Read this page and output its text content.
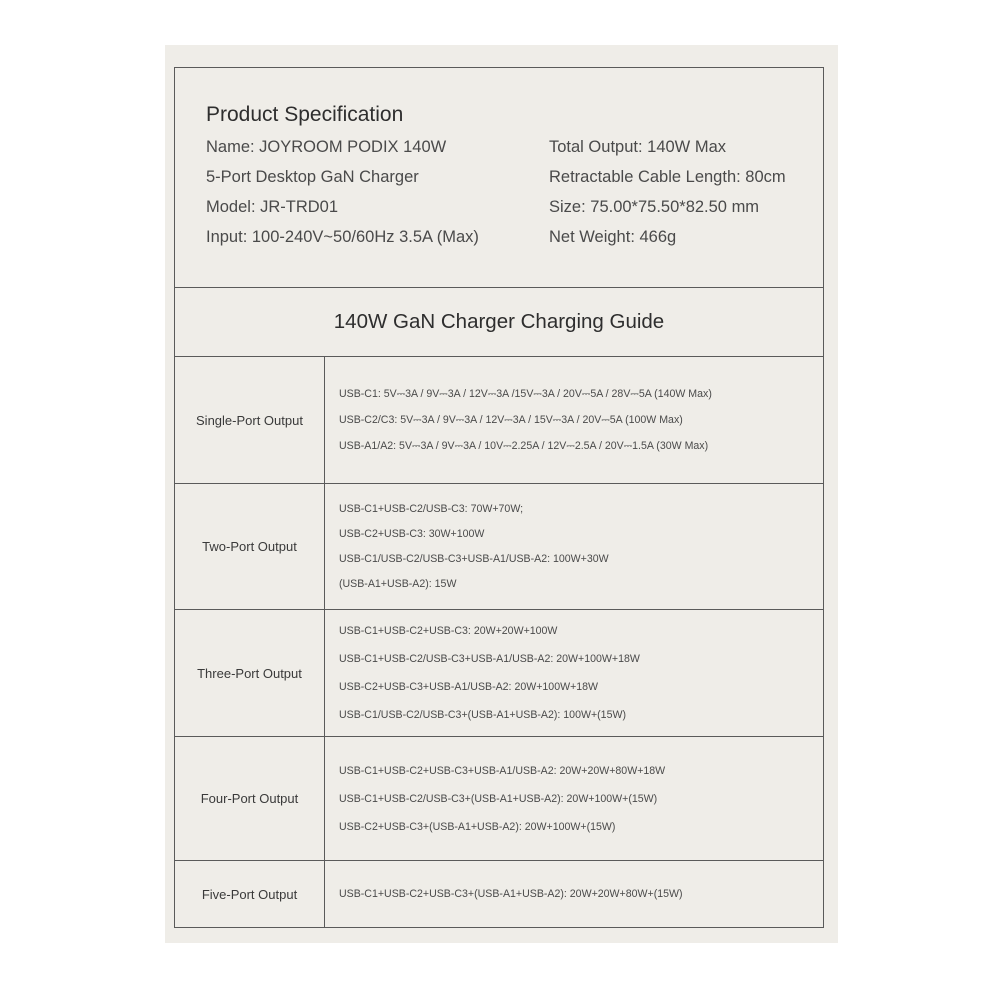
Product Specification
Name: JOYROOM PODIX 140W
5-Port Desktop GaN Charger
Model: JR-TRD01
Input: 100-240V~50/60Hz 3.5A (Max)
Total Output: 140W Max
Retractable Cable Length: 80cm
Size: 75.00*75.50*82.50 mm
Net Weight: 466g
140W GaN Charger Charging Guide
Single-Port Output
USB-C1: 5V⎓3A / 9V⎓3A / 12V⎓3A /15V⎓3A / 20V⎓5A / 28V⎓5A (140W Max)
USB-C2/C3: 5V⎓3A / 9V⎓3A / 12V⎓3A / 15V⎓3A / 20V⎓5A (100W Max)
USB-A1/A2: 5V⎓3A / 9V⎓3A / 10V⎓2.25A / 12V⎓2.5A / 20V⎓1.5A (30W Max)
Two-Port Output
USB-C1+USB-C2/USB-C3: 70W+70W;
USB-C2+USB-C3: 30W+100W
USB-C1/USB-C2/USB-C3+USB-A1/USB-A2: 100W+30W
(USB-A1+USB-A2): 15W
Three-Port Output
USB-C1+USB-C2+USB-C3: 20W+20W+100W
USB-C1+USB-C2/USB-C3+USB-A1/USB-A2: 20W+100W+18W
USB-C2+USB-C3+USB-A1/USB-A2: 20W+100W+18W
USB-C1/USB-C2/USB-C3+(USB-A1+USB-A2): 100W+(15W)
Four-Port Output
USB-C1+USB-C2+USB-C3+USB-A1/USB-A2: 20W+20W+80W+18W
USB-C1+USB-C2/USB-C3+(USB-A1+USB-A2): 20W+100W+(15W)
USB-C2+USB-C3+(USB-A1+USB-A2): 20W+100W+(15W)
Five-Port Output	USB-C1+USB-C2+USB-C3+(USB-A1+USB-A2): 20W+20W+80W+(15W)
